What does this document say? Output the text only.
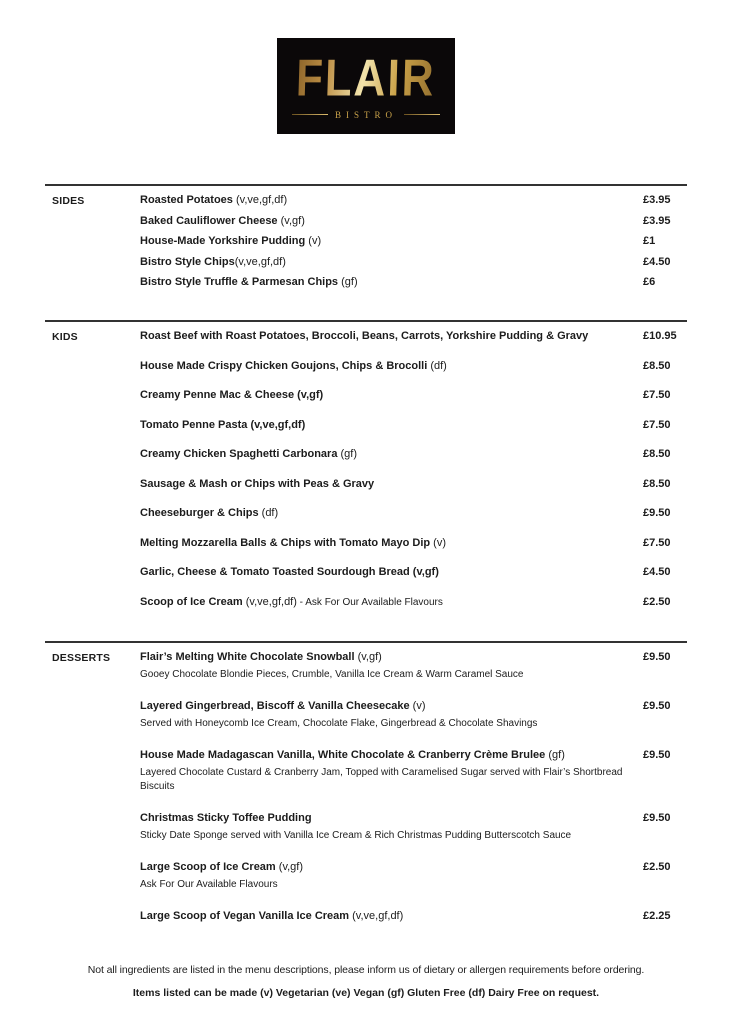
FLAIR
BISTRO
SIDES	Roasted Potatoes (v,ve,gf,df)	£3.95
Baked Cauliflower Cheese (v,gf)	£3.95
House-Made Yorkshire Pudding (v)	£1
Bistro Style Chips(v,ve,gf,df)	£4.50
Bistro Style Truffle & Parmesan Chips (gf)	£6
KIDS	Roast Beef with Roast Potatoes, Broccoli, Beans, Carrots, Yorkshire Pudding & Gravy	£10.95
House Made Crispy Chicken Goujons, Chips & Brocolli (df)	£8.50
Creamy Penne Mac & Cheese (v,gf)	£7.50
Tomato Penne Pasta (v,ve,gf,df)	£7.50
Creamy Chicken Spaghetti Carbonara (gf)	£8.50
Sausage & Mash or Chips with Peas & Gravy	£8.50
Cheeseburger & Chips (df)	£9.50
Melting Mozzarella Balls & Chips with Tomato Mayo Dip (v)	£7.50
Garlic, Cheese & Tomato Toasted Sourdough Bread (v,gf)	£4.50
Scoop of Ice Cream (v,ve,gf,df) - Ask For Our Available Flavours	£2.50
DESSERTS	Flair’s Melting White Chocolate Snowball (v,gf)	£9.50
Gooey Chocolate Blondie Pieces, Crumble, Vanilla Ice Cream & Warm Caramel Sauce
Layered Gingerbread, Biscoff & Vanilla Cheesecake (v)	£9.50
Served with Honeycomb Ice Cream, Chocolate Flake, Gingerbread & Chocolate Shavings
House Made Madagascan Vanilla, White Chocolate & Cranberry Crème Brulee (gf)	£9.50
Layered Chocolate Custard & Cranberry Jam, Topped with Caramelised Sugar served with Flair’s Shortbread Biscuits
Christmas Sticky Toffee Pudding	£9.50
Sticky Date Sponge served with Vanilla Ice Cream & Rich Christmas Pudding Butterscotch Sauce
Large Scoop of Ice Cream (v,gf)	£2.50
Ask For Our Available Flavours
Large Scoop of Vegan Vanilla Ice Cream (v,ve,gf,df)	£2.25
Not all ingredients are listed in the menu descriptions, please inform us of dietary or allergen requirements before ordering.
Items listed can be made (v) Vegetarian (ve) Vegan (gf) Gluten Free (df) Dairy Free on request.
